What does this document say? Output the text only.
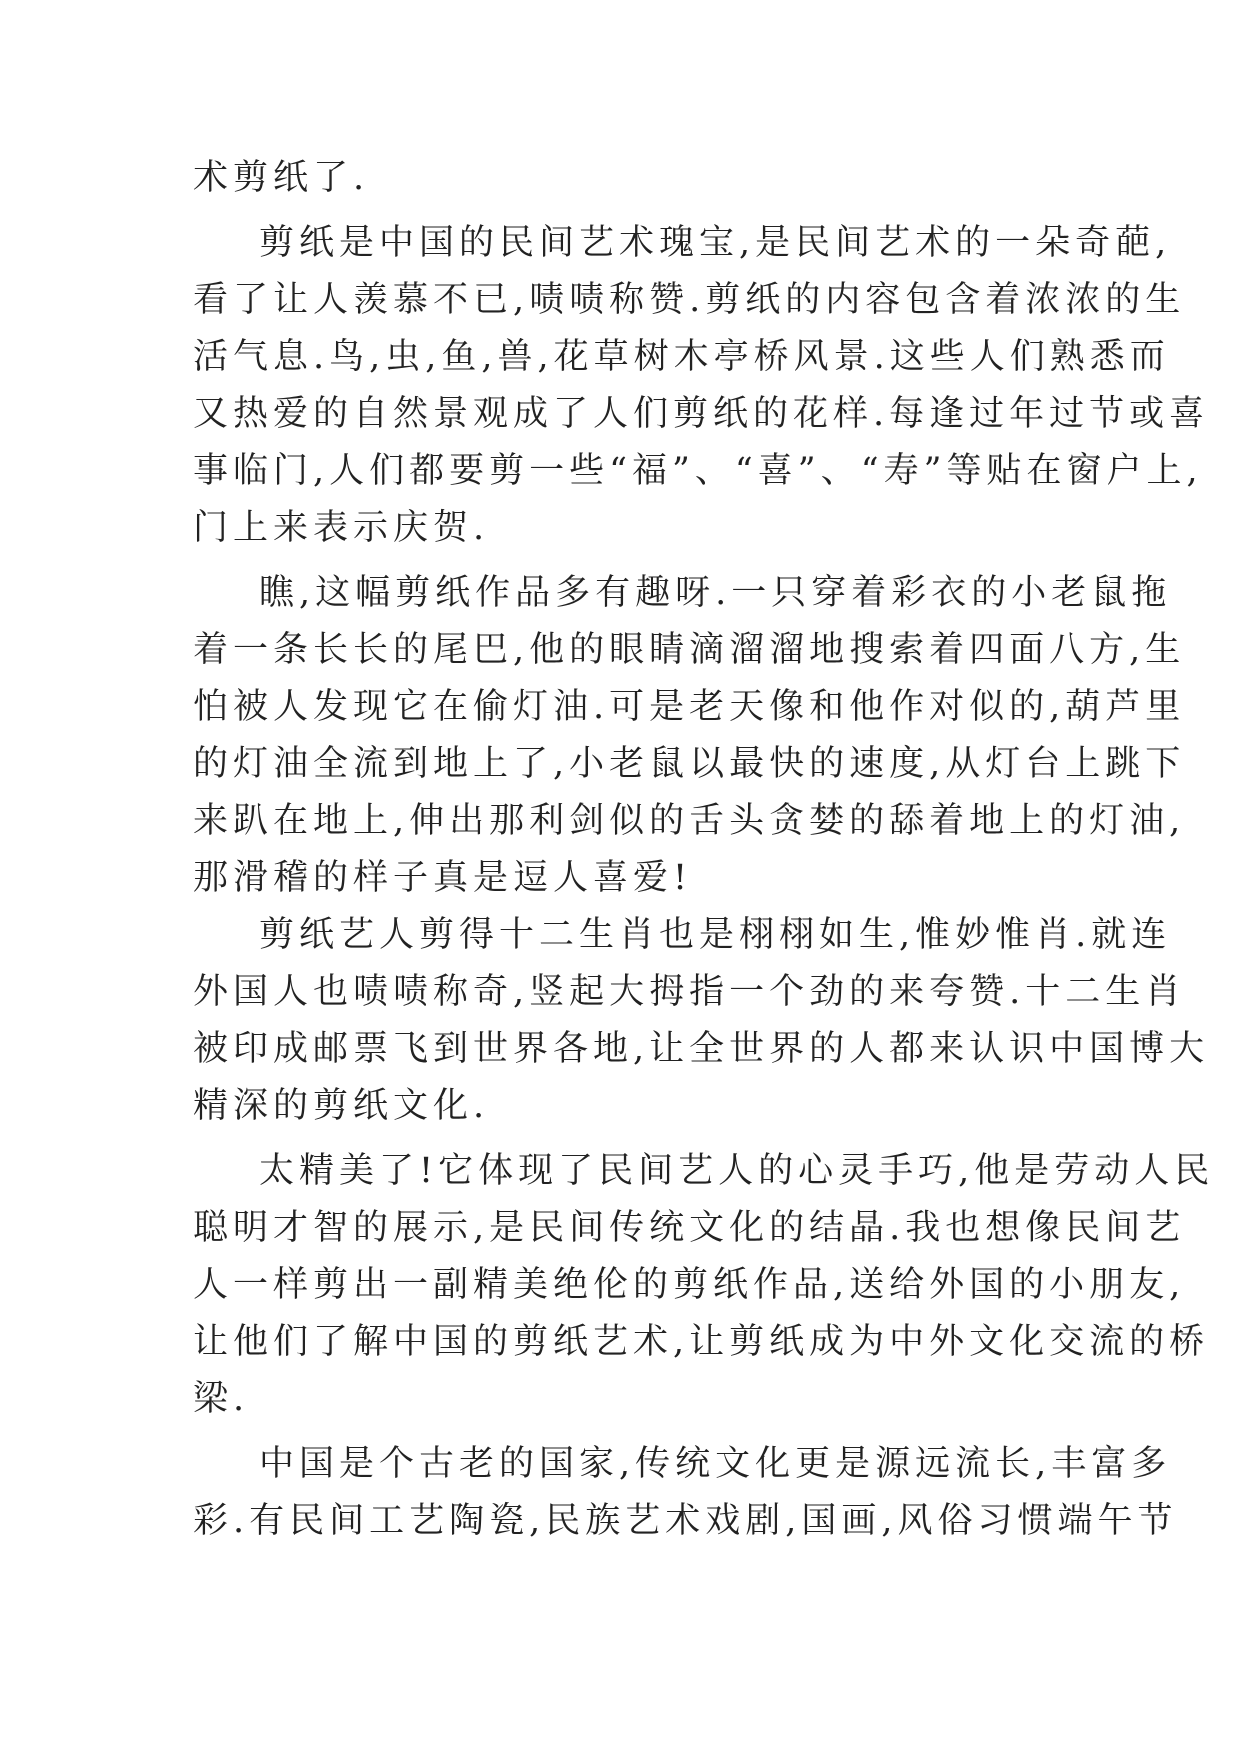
术剪纸了.
剪纸是中国的民间艺术瑰宝,是民间艺术的一朵奇葩,
看了让人羡慕不已,啧啧称赞.剪纸的内容包含着浓浓的生
活气息.鸟,虫,鱼,兽,花草树木亭桥风景.这些人们熟悉而
又热爱的自然景观成了人们剪纸的花样.每逢过年过节或喜
事临门,人们都要剪一些“福”、“喜”、“寿”等贴在窗户上,
门上来表示庆贺.
瞧,这幅剪纸作品多有趣呀.一只穿着彩衣的小老鼠拖
着一条长长的尾巴,他的眼睛滴溜溜地搜索着四面八方,生
怕被人发现它在偷灯油.可是老天像和他作对似的,葫芦里
的灯油全流到地上了,小老鼠以最快的速度,从灯台上跳下
来趴在地上,伸出那利剑似的舌头贪婪的舔着地上的灯油,
那滑稽的样子真是逗人喜爱!
剪纸艺人剪得十二生肖也是栩栩如生,惟妙惟肖.就连
外国人也啧啧称奇,竖起大拇指一个劲的来夸赞.十二生肖
被印成邮票飞到世界各地,让全世界的人都来认识中国博大
精深的剪纸文化.
太精美了!它体现了民间艺人的心灵手巧,他是劳动人民
聪明才智的展示,是民间传统文化的结晶.我也想像民间艺
人一样剪出一副精美绝伦的剪纸作品,送给外国的小朋友,
让他们了解中国的剪纸艺术,让剪纸成为中外文化交流的桥
梁.
中国是个古老的国家,传统文化更是源远流长,丰富多
彩.有民间工艺陶瓷,民族艺术戏剧,国画,风俗习惯端午节
